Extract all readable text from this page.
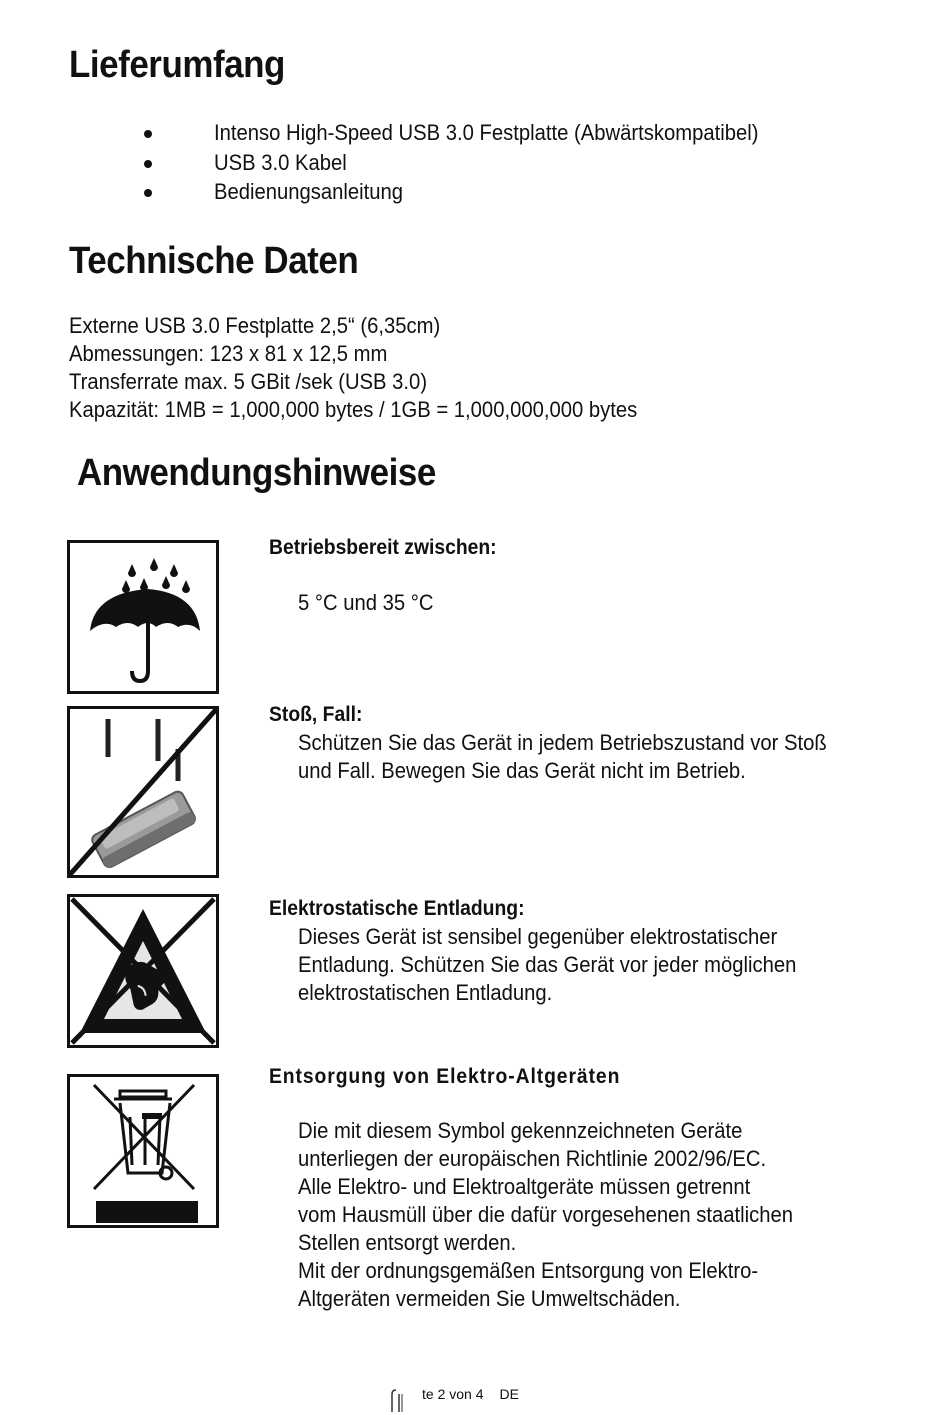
Lieferumfang
Intenso High-Speed USB 3.0 Festplatte (Abwärtskompatibel)
USB 3.0 Kabel
Bedienungsanleitung
Technische Daten
Externe USB 3.0 Festplatte 2,5“ (6,35cm)
Abmessungen: 123 x 81 x 12,5 mm
Transferrate max. 5 GBit /sek (USB 3.0)
Kapazität: 1MB = 1,000,000 bytes / 1GB = 1,000,000,000 bytes
Anwendungshinweise
Betriebsbereit zwischen:
5 °C und 35 °C
Stoß, Fall:
Schützen Sie das Gerät in jedem Betriebszustand vor Stoß
und Fall. Bewegen Sie das Gerät nicht im Betrieb.
Elektrostatische Entladung:
Dieses Gerät ist sensibel gegenüber elektrostatischer
Entladung. Schützen Sie das Gerät vor jeder möglichen
elektrostatischen Entladung.
Entsorgung von Elektro-Altgeräten
Die mit diesem Symbol gekennzeichneten Geräte
unterliegen der europäischen Richtlinie 2002/96/EC.
Alle Elektro- und Elektroaltgeräte müssen getrennt
vom Hausmüll über die dafür vorgesehenen staatlichen
Stellen entsorgt werden.
Mit der ordnungsgemäßen Entsorgung von Elektro-
Altgeräten vermeiden Sie Umweltschäden.
te 2 von 4 DE
